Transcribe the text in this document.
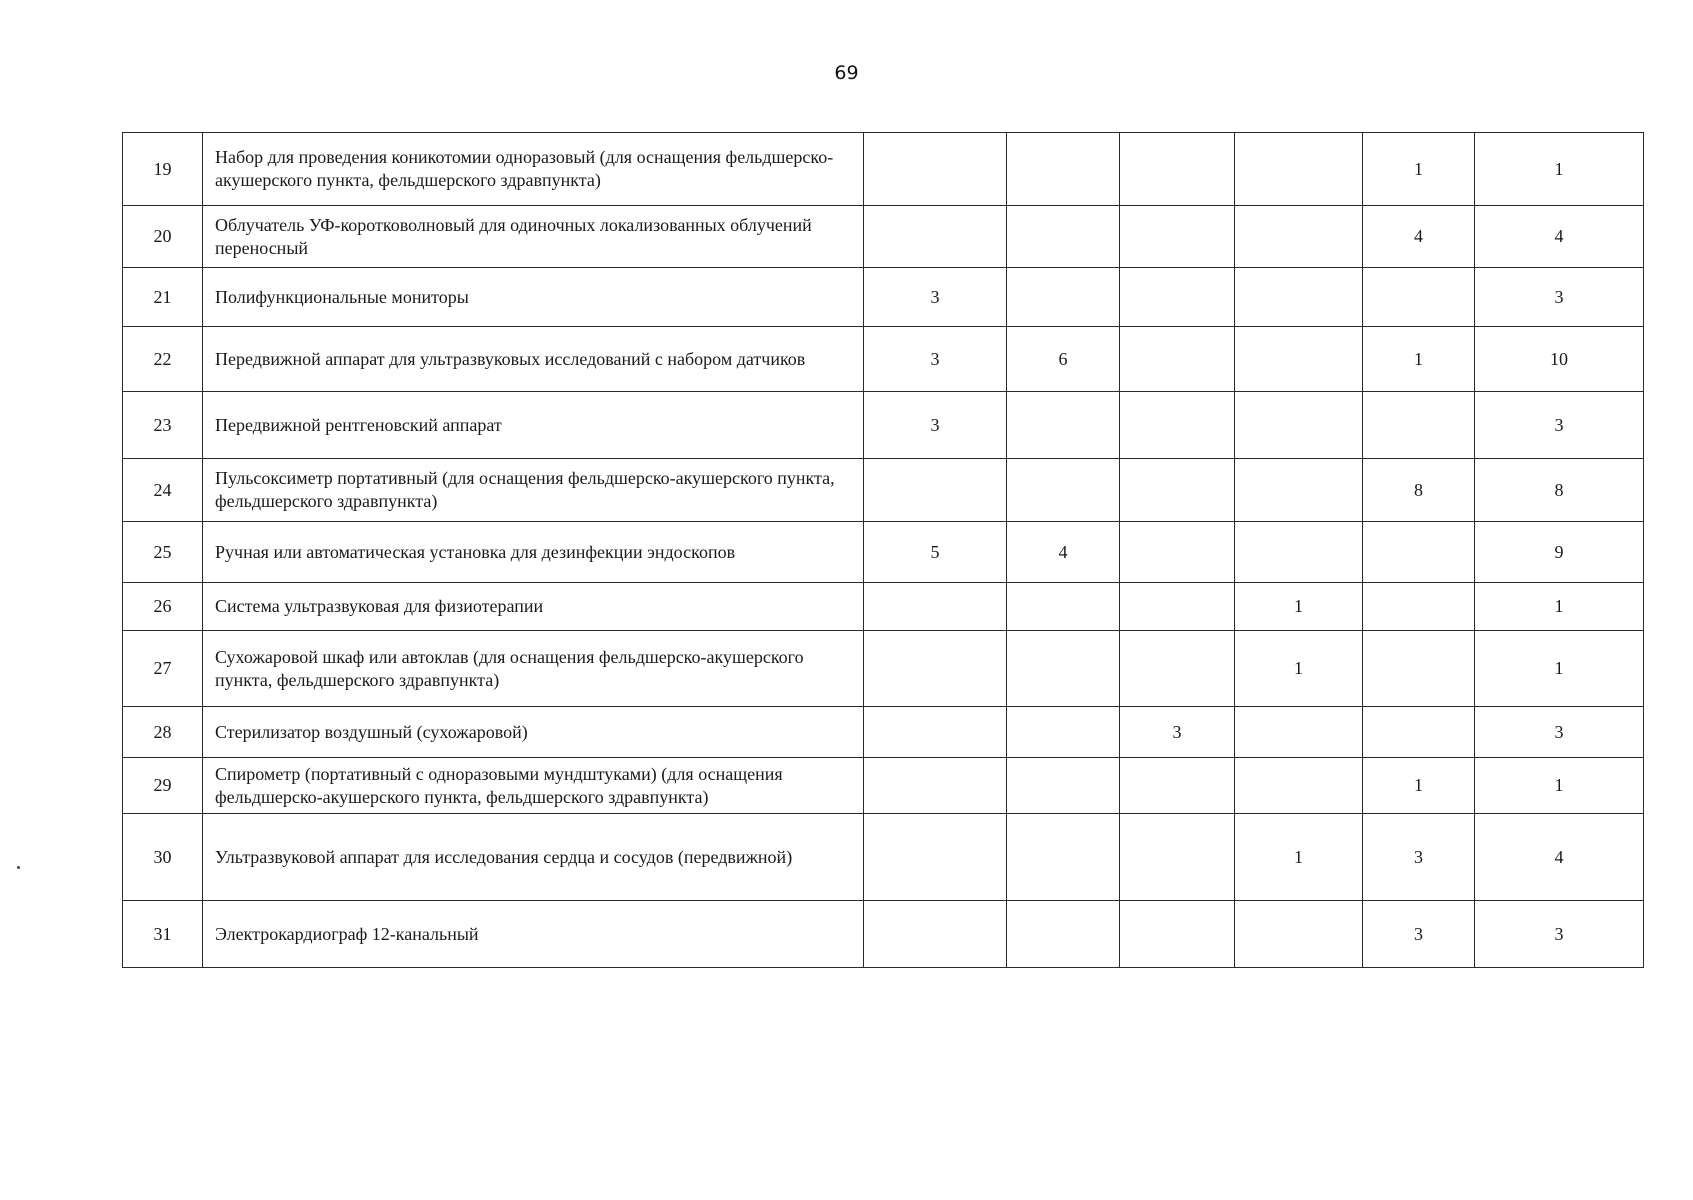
69
19	Набор для проведения коникотомии одноразовый (для оснащения фельдшерско-акушерского пункта, фельдшерского здравпункта)					1	1
20	Облучатель УФ-коротковолновый для одиночных локализованных облучений переносный					4	4
21	Полифункциональные мониторы	3					3
22	Передвижной аппарат для ультразвуковых исследований с набором датчиков	3	6			1	10
23	Передвижной рентгеновский аппарат	3					3
24	Пульсоксиметр портативный (для оснащения фельдшерско-акушерского пункта, фельдшерского здравпункта)					8	8
25	Ручная или автоматическая установка для дезинфекции эндоскопов	5	4				9
26	Система ультразвуковая для физиотерапии				1		1
27	Сухожаровой шкаф или автоклав (для оснащения фельдшерско-акушерского пункта, фельдшерского здравпункта)				1		1
28	Стерилизатор воздушный (сухожаровой)			3			3
29	Спирометр (портативный с одноразовыми мундштуками) (для оснащения фельдшерско-акушерского пункта, фельдшерского здравпункта)					1	1
30	Ультразвуковой аппарат для исследования сердца и сосудов (передвижной)				1	3	4
31	Электрокардиограф 12-канальный					3	3
